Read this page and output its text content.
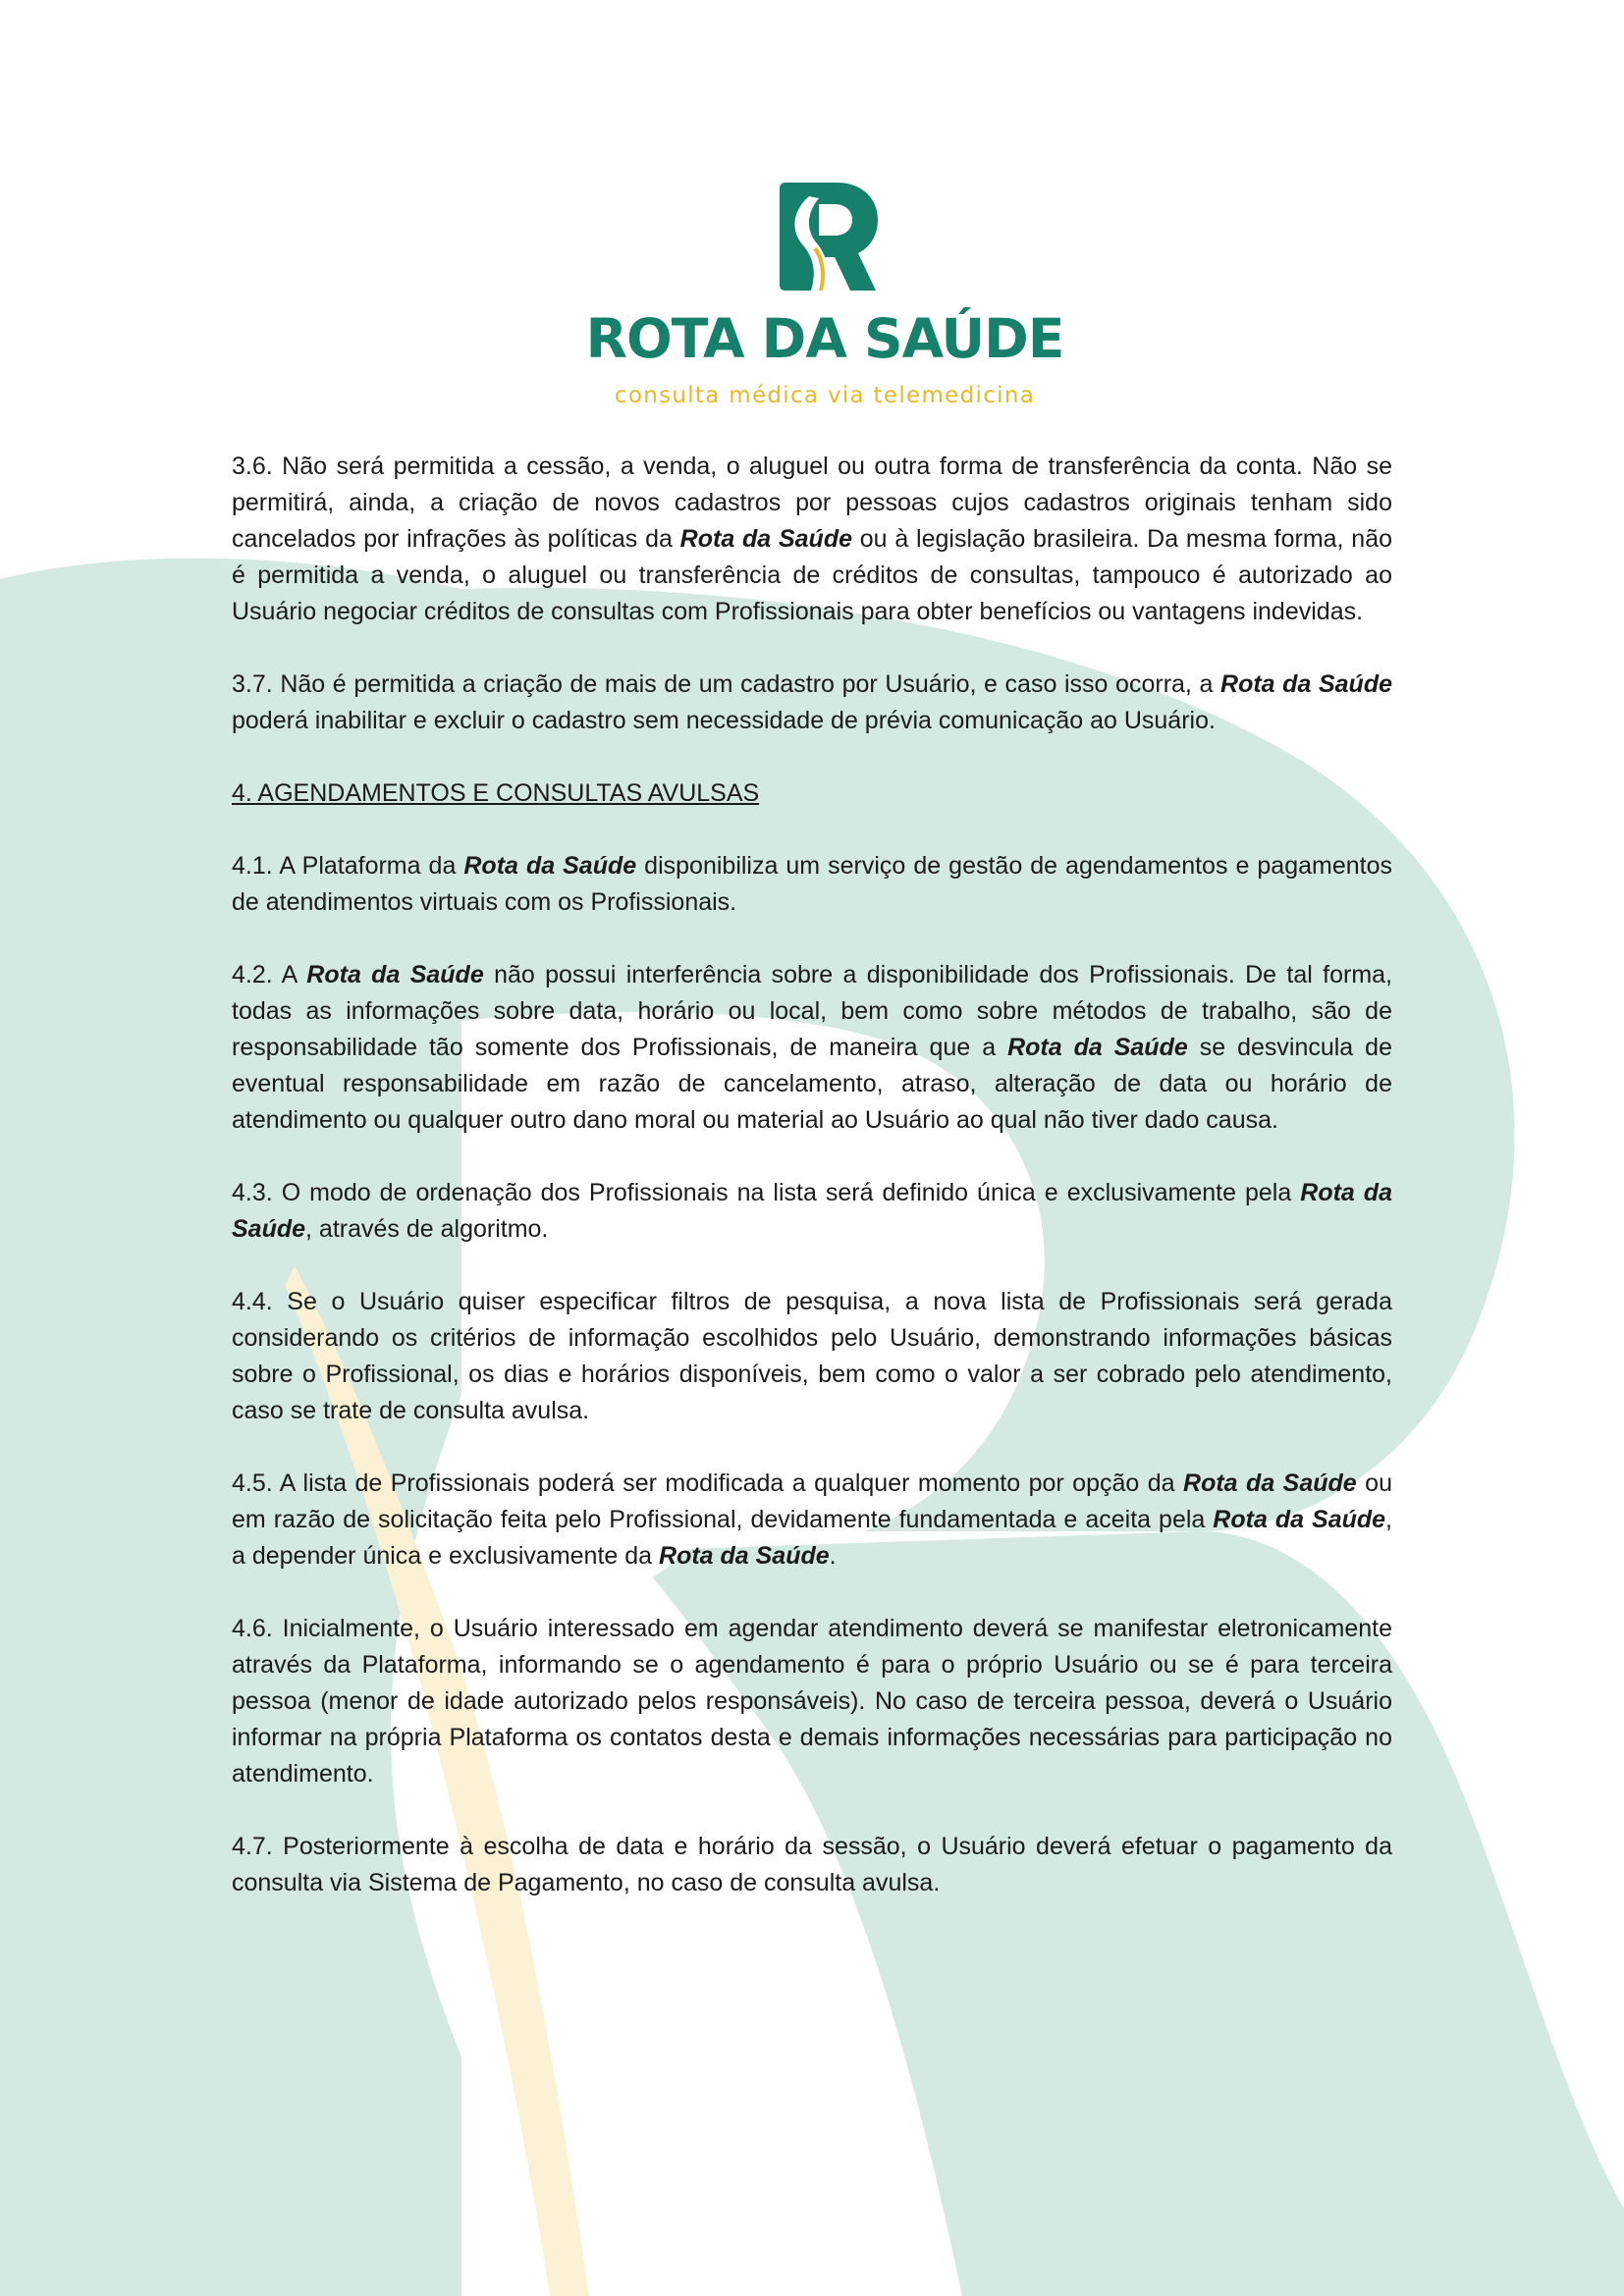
ROTA DA SAÚDE
consulta médica via telemedicina

3.6. Não será permitida a cessão, a venda, o aluguel ou outra forma de transferência da conta. Não se permitirá, ainda, a criação de novos cadastros por pessoas cujos cadastros originais tenham sido cancelados por infrações às políticas da Rota da Saúde ou à legislação brasileira. Da mesma forma, não é permitida a venda, o aluguel ou transferência de créditos de consultas, tampouco é autorizado ao Usuário negociar créditos de consultas com Profissionais para obter benefícios ou vantagens indevidas.

3.7. Não é permitida a criação de mais de um cadastro por Usuário, e caso isso ocorra, a Rota da Saúde poderá inabilitar e excluir o cadastro sem necessidade de prévia comunicação ao Usuário.

4. AGENDAMENTOS E CONSULTAS AVULSAS

4.1. A Plataforma da Rota da Saúde disponibiliza um serviço de gestão de agendamentos e pagamentos de atendimentos virtuais com os Profissionais.

4.2. A Rota da Saúde não possui interferência sobre a disponibilidade dos Profissionais. De tal forma, todas as informações sobre data, horário ou local, bem como sobre métodos de trabalho, são de responsabilidade tão somente dos Profissionais, de maneira que a Rota da Saúde se desvincula de eventual responsabilidade em razão de cancelamento, atraso, alteração de data ou horário de atendimento ou qualquer outro dano moral ou material ao Usuário ao qual não tiver dado causa.

4.3. O modo de ordenação dos Profissionais na lista será definido única e exclusivamente pela Rota da Saúde, através de algoritmo.

4.4. Se o Usuário quiser especificar filtros de pesquisa, a nova lista de Profissionais será gerada considerando os critérios de informação escolhidos pelo Usuário, demonstrando informações básicas sobre o Profissional, os dias e horários disponíveis, bem como o valor a ser cobrado pelo atendimento, caso se trate de consulta avulsa.

4.5. A lista de Profissionais poderá ser modificada a qualquer momento por opção da Rota da Saúde ou em razão de solicitação feita pelo Profissional, devidamente fundamentada e aceita pela Rota da Saúde, a depender única e exclusivamente da Rota da Saúde.

4.6. Inicialmente, o Usuário interessado em agendar atendimento deverá se manifestar eletronicamente através da Plataforma, informando se o agendamento é para o próprio Usuário ou se é para terceira pessoa (menor de idade autorizado pelos responsáveis). No caso de terceira pessoa, deverá o Usuário informar na própria Plataforma os contatos desta e demais informações necessárias para participação no atendimento.

4.7. Posteriormente à escolha de data e horário da sessão, o Usuário deverá efetuar o pagamento da consulta via Sistema de Pagamento, no caso de consulta avulsa.
